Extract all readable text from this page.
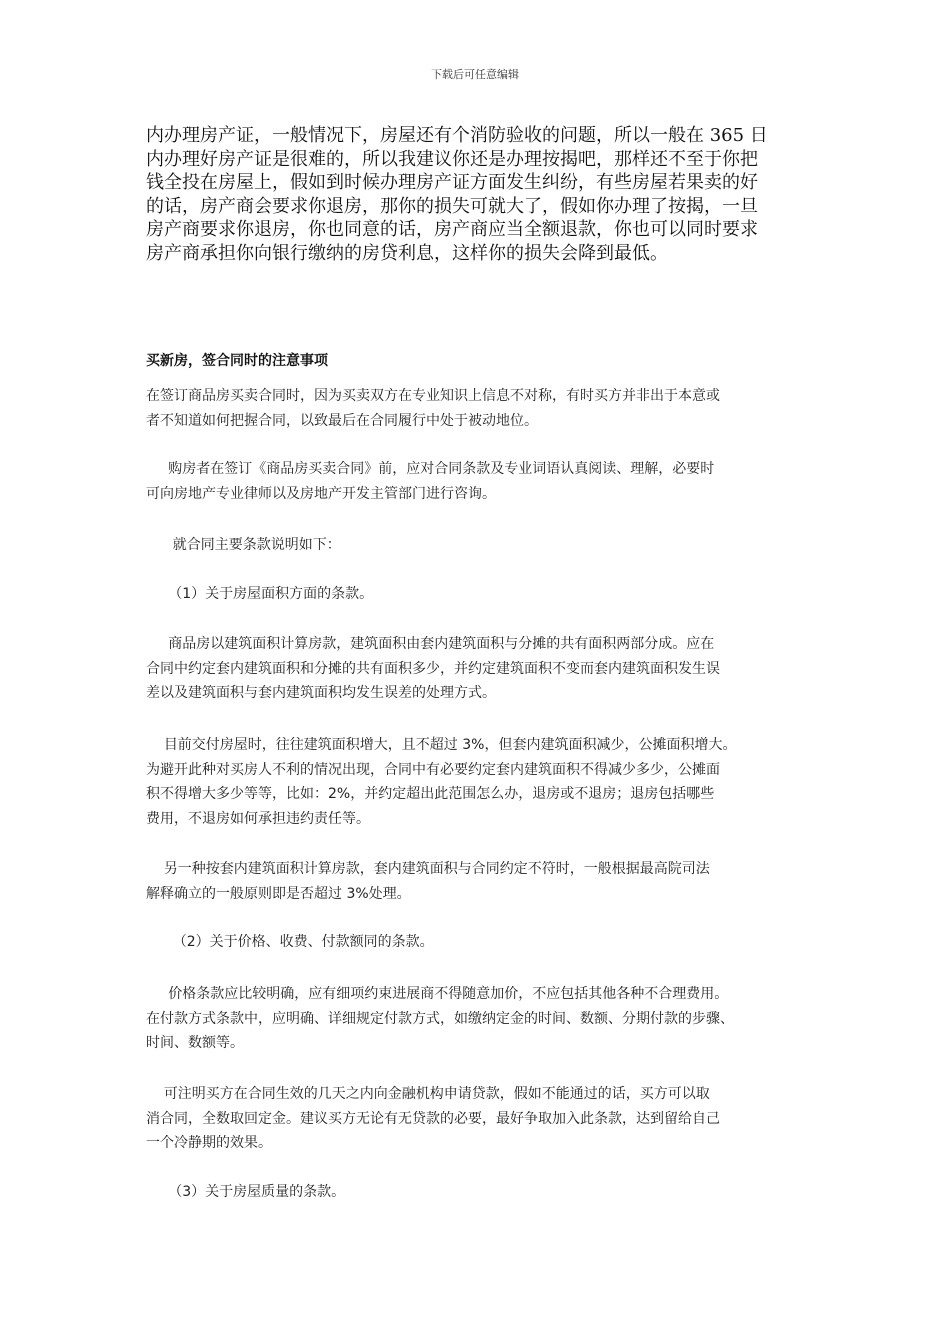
下载后可任意编辑

内办理房产证，一般情况下，房屋还有个消防验收的问题，所以一般在 365 日
内办理好房产证是很难的，所以我建议你还是办理按揭吧，那样还不至于你把
钱全投在房屋上，假如到时候办理房产证方面发生纠纷，有些房屋若果卖的好
的话，房产商会要求你退房，那你的损失可就大了，假如你办理了按揭，一旦
房产商要求你退房，你也同意的话，房产商应当全额退款，你也可以同时要求
房产商承担你向银行缴纳的房贷利息，这样你的损失会降到最低。

买新房，签合同时的注意事项

在签订商品房买卖合同时，因为买卖双方在专业知识上信息不对称，有时买方并非出于本意或
者不知道如何把握合同，以致最后在合同履行中处于被动地位。

购房者在签订《商品房买卖合同》前，应对合同条款及专业词语认真阅读、理解，必要时
可向房地产专业律师以及房地产开发主管部门进行咨询。

就合同主要条款说明如下：

（1）关于房屋面积方面的条款。

商品房以建筑面积计算房款，建筑面积由套内建筑面积与分摊的共有面积两部分成。应在
合同中约定套内建筑面积和分摊的共有面积多少，并约定建筑面积不变而套内建筑面积发生误
差以及建筑面积与套内建筑面积均发生误差的处理方式。

目前交付房屋时，往往建筑面积增大，且不超过 3%，但套内建筑面积减少，公摊面积增大。
为避开此种对买房人不利的情况出现，合同中有必要约定套内建筑面积不得减少多少，公摊面
积不得增大多少等等，比如：2%，并约定超出此范围怎么办，退房或不退房；退房包括哪些
费用，不退房如何承担违约责任等。

另一种按套内建筑面积计算房款，套内建筑面积与合同约定不符时，一般根据最高院司法
解释确立的一般原则即是否超过 3%处理。

（2）关于价格、收费、付款额同的条款。

价格条款应比较明确，应有细项约束进展商不得随意加价，不应包括其他各种不合理费用。
在付款方式条款中，应明确、详细规定付款方式，如缴纳定金的时间、数额、分期付款的步骤、
时间、数额等。

可注明买方在合同生效的几天之内向金融机构申请贷款，假如不能通过的话，买方可以取
消合同，全数取回定金。建议买方无论有无贷款的必要，最好争取加入此条款，达到留给自己
一个冷静期的效果。

（3）关于房屋质量的条款。
